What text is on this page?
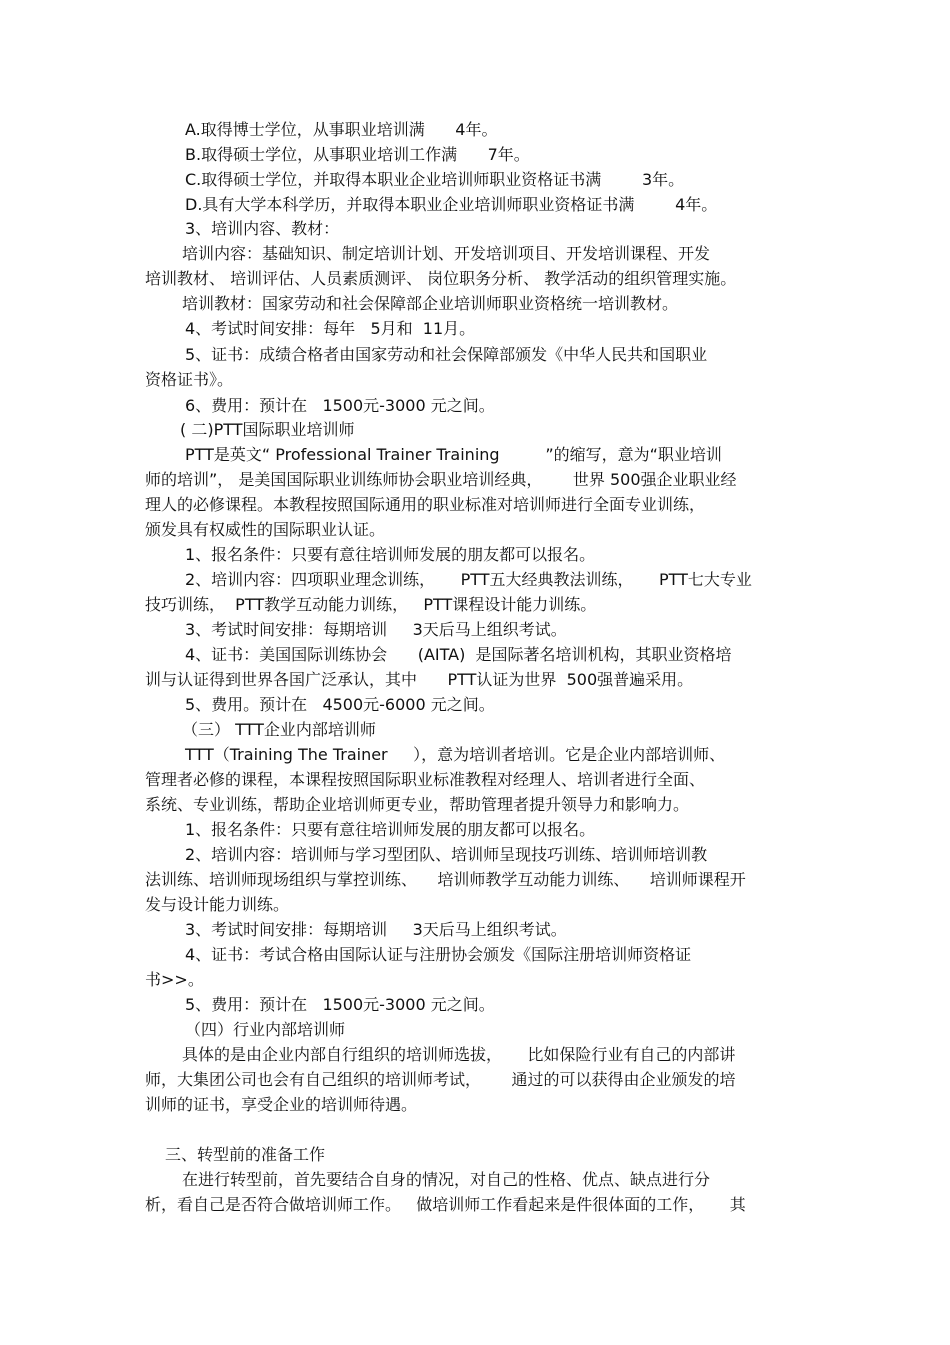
A.取得博士学位，从事职业培训满      4年。
B.取得硕士学位，从事职业培训工作满      7年。
C.取得硕士学位，并取得本职业企业培训师职业资格证书满        3年。
D.具有大学本科学历，并取得本职业企业培训师职业资格证书满        4年。
3、培训内容、教材：
培训内容：基础知识、制定培训计划、开发培训项目、开发培训课程、开发
培训教材、 培训评估、人员素质测评、 岗位职务分析、 教学活动的组织管理实施。
培训教材：国家劳动和社会保障部企业培训师职业资格统一培训教材。
4、考试时间安排：每年   5月和  11月。
5、证书：成绩合格者由国家劳动和社会保障部颁发《中华人民共和国职业
资格证书》。
6、费用：预计在   1500元-3000 元之间。
( 二)PTT国际职业培训师
PTT是英文“ Professional Trainer Training         ”的缩写，意为“职业培训
师的培训”， 是美国国际职业训练师协会职业培训经典，      世界 500强企业职业经
理人的必修课程。本教程按照国际通用的职业标准对培训师进行全面专业训练，
颁发具有权威性的国际职业认证。
1、报名条件：只要有意往培训师发展的朋友都可以报名。
2、培训内容：四项职业理念训练，     PTT五大经典教法训练，     PTT七大专业
技巧训练，  PTT教学互动能力训练，   PTT课程设计能力训练。
3、考试时间安排：每期培训     3天后马上组织考试。
4、证书：美国国际训练协会      (AITA)  是国际著名培训机构，其职业资格培
训与认证得到世界各国广泛承认，其中      PTT认证为世界  500强普遍采用。
5、费用。预计在   4500元-6000 元之间。
（三） TTT企业内部培训师
TTT（Training The Trainer     ），意为培训者培训。它是企业内部培训师、
管理者必修的课程，本课程按照国际职业标准教程对经理人、培训者进行全面、
系统、专业训练，帮助企业培训师更专业，帮助管理者提升领导力和影响力。
1、报名条件：只要有意往培训师发展的朋友都可以报名。
2、培训内容：培训师与学习型团队、培训师呈现技巧训练、培训师培训教
法训练、培训师现场组织与掌控训练、    培训师教学互动能力训练、    培训师课程开
发与设计能力训练。
3、考试时间安排：每期培训     3天后马上组织考试。
4、证书：考试合格由国际认证与注册协会颁发《国际注册培训师资格证
书>>。
5、费用：预计在   1500元-3000 元之间。
（四）行业内部培训师
具体的是由企业内部自行组织的培训师选拔，     比如保险行业有自己的内部讲
师，大集团公司也会有自己组织的培训师考试，      通过的可以获得由企业颁发的培
训师的证书，享受企业的培训师待遇。
三、转型前的准备工作
在进行转型前，首先要结合自身的情况，对自己的性格、优点、缺点进行分
析，看自己是否符合做培训师工作。   做培训师工作看起来是件很体面的工作，     其
